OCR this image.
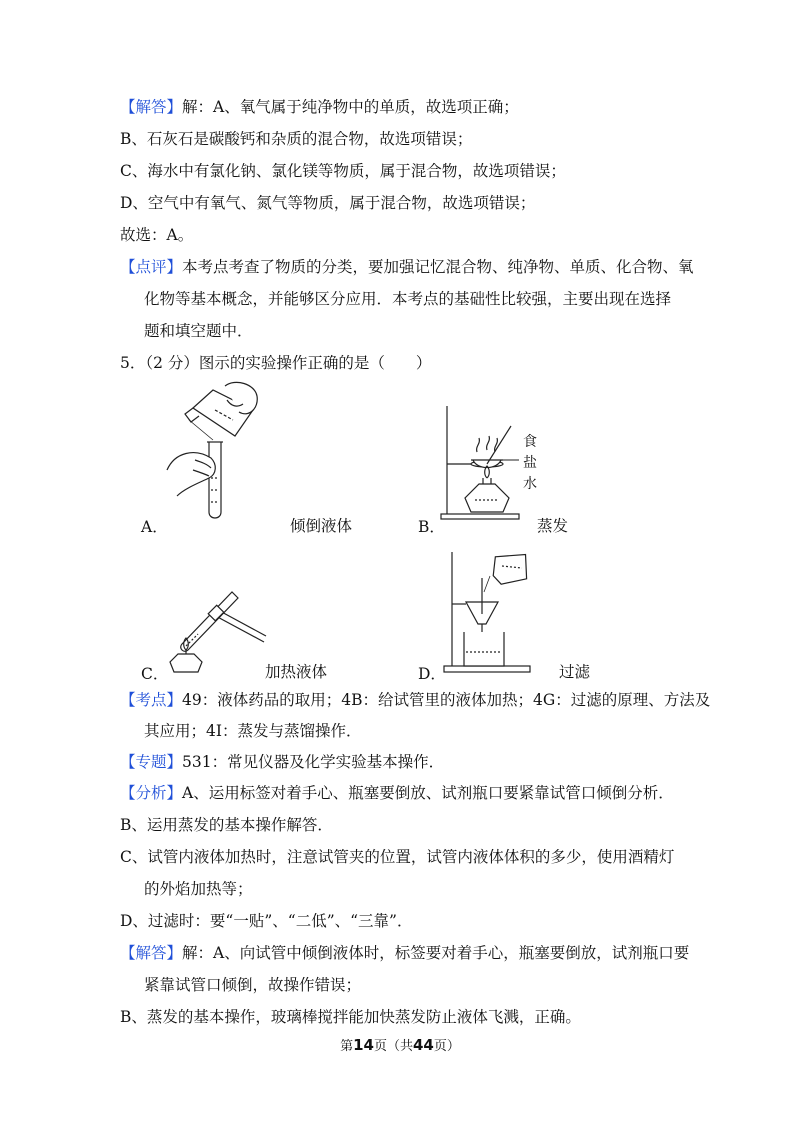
【解答】解：A、氧气属于纯净物中的单质，故选项正确；
B、石灰石是碳酸钙和杂质的混合物，故选项错误；
C、海水中有氯化钠、氯化镁等物质，属于混合物，故选项错误；
D、空气中有氧气、氮气等物质，属于混合物，故选项错误；
故选：A。
【点评】本考点考查了物质的分类，要加强记忆混合物、纯净物、单质、化合物、氧
化物等基本概念，并能够区分应用．本考点的基础性比较强，主要出现在选择
题和填空题中．
5．（2 分）图示的实验操作正确的是（　　）
A．	倾倒液体
食
盐
水
B．	蒸发
C．	加热液体	D．	过滤
【考点】49：液体药品的取用；4B：给试管里的液体加热；4G：过滤的原理、方法及
其应用；4I：蒸发与蒸馏操作．
【专题】531：常见仪器及化学实验基本操作．
【分析】A、运用标签对着手心、瓶塞要倒放、试剂瓶口要紧靠试管口倾倒分析．
B、运用蒸发的基本操作解答．
C、试管内液体加热时，注意试管夹的位置，试管内液体体积的多少，使用酒精灯
的外焰加热等；
D、过滤时：要“一贴”、“二低”、“三靠”．
【解答】解：A、向试管中倾倒液体时，标签要对着手心，瓶塞要倒放，试剂瓶口要
紧靠试管口倾倒，故操作错误；
B、蒸发的基本操作，玻璃棒搅拌能加快蒸发防止液体飞溅，正确。
第14页（共44页）
